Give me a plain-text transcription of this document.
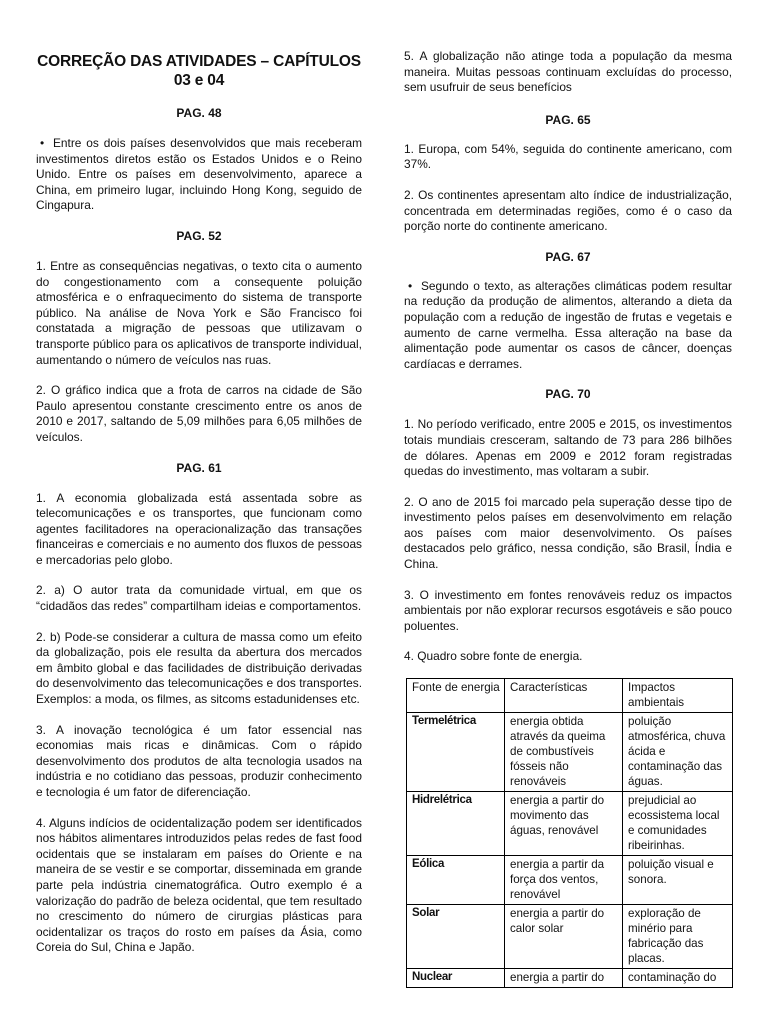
CORREÇÃO DAS ATIVIDADES – CAPÍTULOS
03 e 04
PAG. 48

• Entre os dois países desenvolvidos que mais receberam investimentos diretos estão os Estados Unidos e o Reino Unido. Entre os países em desenvolvimento, aparece a China, em primeiro lugar, incluindo Hong Kong, seguido de Cingapura.

PAG. 52

1. Entre as consequências negativas, o texto cita o aumento do congestionamento com a consequente poluição atmosférica e o enfraquecimento do sistema de transporte público. Na análise de Nova York e São Francisco foi constatada a migração de pessoas que utilizavam o transporte público para os aplicativos de transporte individual, aumentando o número de veículos nas ruas.

2. O gráfico indica que a frota de carros na cidade de São Paulo apresentou constante crescimento entre os anos de 2010 e 2017, saltando de 5,09 milhões para 6,05 milhões de veículos.

PAG. 61

1. A economia globalizada está assentada sobre as telecomunicações e os transportes, que funcionam como agentes facilitadores na operacionalização das transações financeiras e comerciais e no aumento dos fluxos de pessoas e mercadorias pelo globo.

2. a) O autor trata da comunidade virtual, em que os “cidadãos das redes” compartilham ideias e comportamentos.

2. b) Pode-se considerar a cultura de massa como um efeito da globalização, pois ele resulta da abertura dos mercados em âmbito global e das facilidades de distribuição derivadas do desenvolvimento das telecomunicações e dos transportes. Exemplos: a moda, os filmes, as sitcoms estadunidenses etc.

3. A inovação tecnológica é um fator essencial nas economias mais ricas e dinâmicas. Com o rápido desenvolvimento dos produtos de alta tecnologia usados na indústria e no cotidiano das pessoas, produzir conhecimento e tecnologia é um fator de diferenciação.

4. Alguns indícios de ocidentalização podem ser identificados nos hábitos alimentares introduzidos pelas redes de fast food ocidentais que se instalaram em países do Oriente e na maneira de se vestir e se comportar, disseminada em grande parte pela indústria cinematográfica. Outro exemplo é a valorização do padrão de beleza ocidental, que tem resultado no crescimento do número de cirurgias plásticas para ocidentalizar os traços do rosto em países da Ásia, como Coreia do Sul, China e Japão.

5. A globalização não atinge toda a população da mesma maneira. Muitas pessoas continuam excluídas do processo, sem usufruir de seus benefícios

PAG. 65

1. Europa, com 54%, seguida do continente americano, com 37%.

2. Os continentes apresentam alto índice de industrialização, concentrada em determinadas regiões, como é o caso da porção norte do continente americano.

PAG. 67

• Segundo o texto, as alterações climáticas podem resultar na redução da produção de alimentos, alterando a dieta da população com a redução de ingestão de frutas e vegetais e aumento de carne vermelha. Essa alteração na base da alimentação pode aumentar os casos de câncer, doenças cardíacas e derrames.

PAG. 70

1. No período verificado, entre 2005 e 2015, os investimentos totais mundiais cresceram, saltando de 73 para 286 bilhões de dólares. Apenas em 2009 e 2012 foram registradas quedas do investimento, mas voltaram a subir.

2. O ano de 2015 foi marcado pela superação desse tipo de investimento pelos países em desenvolvimento em relação aos países com maior desenvolvimento. Os países destacados pelo gráfico, nessa condição, são Brasil, Índia e China.

3. O investimento em fontes renováveis reduz os impactos ambientais por não explorar recursos esgotáveis e são pouco poluentes.

4. Quadro sobre fonte de energia.

Fonte de energia	Características	Impactos ambientais
Termelétrica	energia obtida através da queima de combustíveis fósseis não renováveis	poluição atmosférica, chuva ácida e contaminação das águas.
Hidrelétrica	energia a partir do movimento das águas, renovável	prejudicial ao ecossistema local e comunidades ribeirinhas.
Eólica	energia a partir da força dos ventos, renovável	poluição visual e sonora.
Solar	energia a partir do calor solar	exploração de minério para fabricação das placas.
Nuclear	energia a partir do	contaminação do
